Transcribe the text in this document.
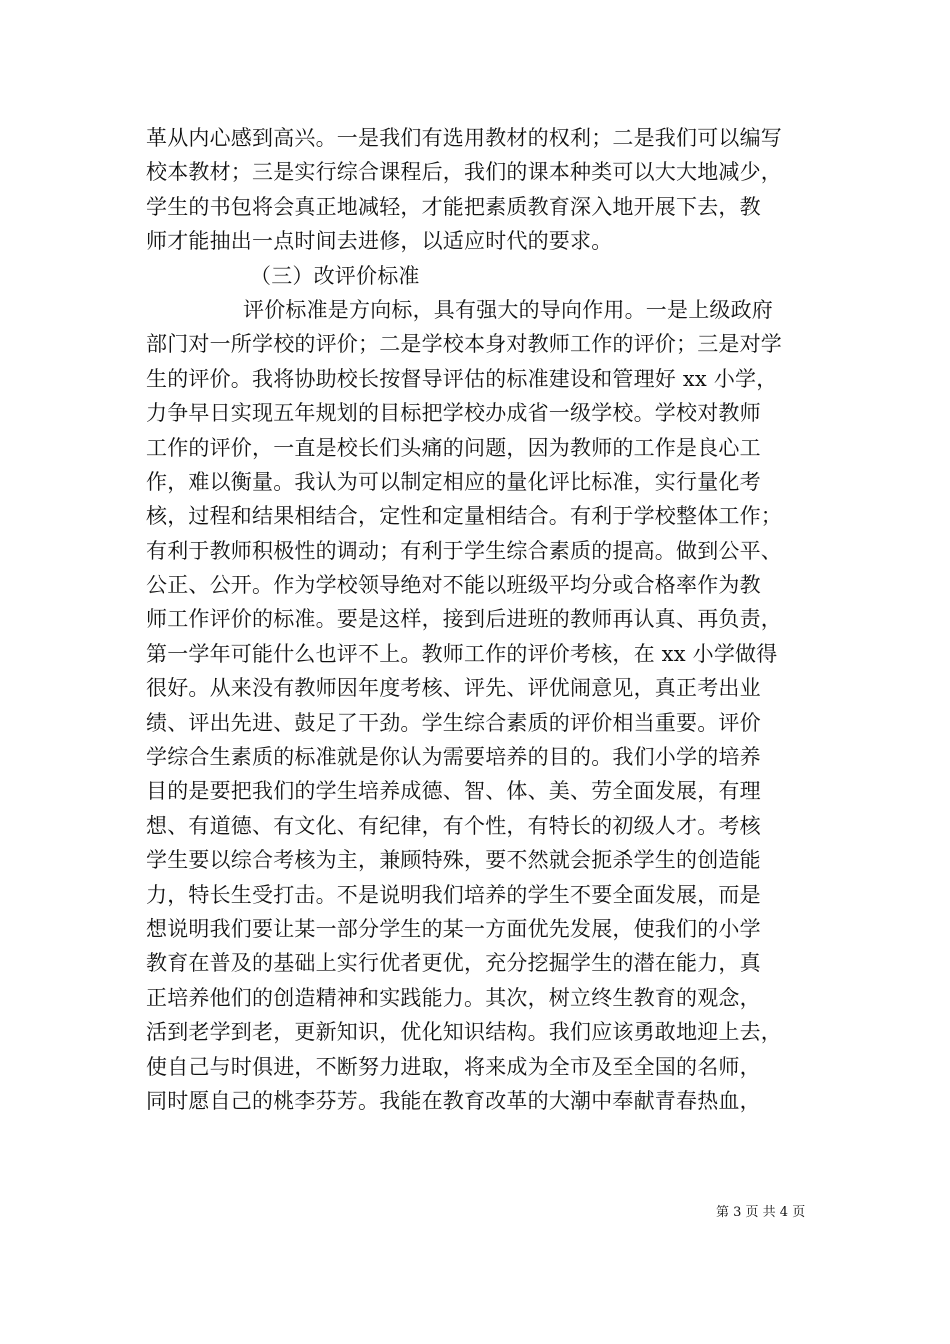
革从内心感到高兴。一是我们有选用教材的权利；二是我们可以编写
校本教材；三是实行综合课程后，我们的课本种类可以大大地减少，
学生的书包将会真正地减轻，才能把素质教育深入地开展下去，教
师才能抽出一点时间去进修，以适应时代的要求。
（三）改评价标准
评价标准是方向标，具有强大的导向作用。一是上级政府
部门对一所学校的评价；二是学校本身对教师工作的评价；三是对学
生的评价。我将协助校长按督导评估的标准建设和管理好 xx 小学，
力争早日实现五年规划的目标把学校办成省一级学校。学校对教师
工作的评价，一直是校长们头痛的问题，因为教师的工作是良心工
作，难以衡量。我认为可以制定相应的量化评比标准，实行量化考
核，过程和结果相结合，定性和定量相结合。有利于学校整体工作；
有利于教师积极性的调动；有利于学生综合素质的提高。做到公平、
公正、公开。作为学校领导绝对不能以班级平均分或合格率作为教
师工作评价的标准。要是这样，接到后进班的教师再认真、再负责，
第一学年可能什么也评不上。教师工作的评价考核，在 xx 小学做得
很好。从来没有教师因年度考核、评先、评优闹意见，真正考出业
绩、评出先进、鼓足了干劲。学生综合素质的评价相当重要。评价
学综合生素质的标准就是你认为需要培养的目的。我们小学的培养
目的是要把我们的学生培养成德、智、体、美、劳全面发展，有理
想、有道德、有文化、有纪律，有个性，有特长的初级人才。考核
学生要以综合考核为主，兼顾特殊，要不然就会扼杀学生的创造能
力，特长生受打击。不是说明我们培养的学生不要全面发展，而是
想说明我们要让某一部分学生的某一方面优先发展，使我们的小学
教育在普及的基础上实行优者更优，充分挖掘学生的潜在能力，真
正培养他们的创造精神和实践能力。其次，树立终生教育的观念，
活到老学到老，更新知识，优化知识结构。我们应该勇敢地迎上去，
使自己与时俱进，不断努力进取，将来成为全市及至全国的名师，
同时愿自己的桃李芬芳。我能在教育改革的大潮中奉献青春热血，
第 3 页 共 4 页
